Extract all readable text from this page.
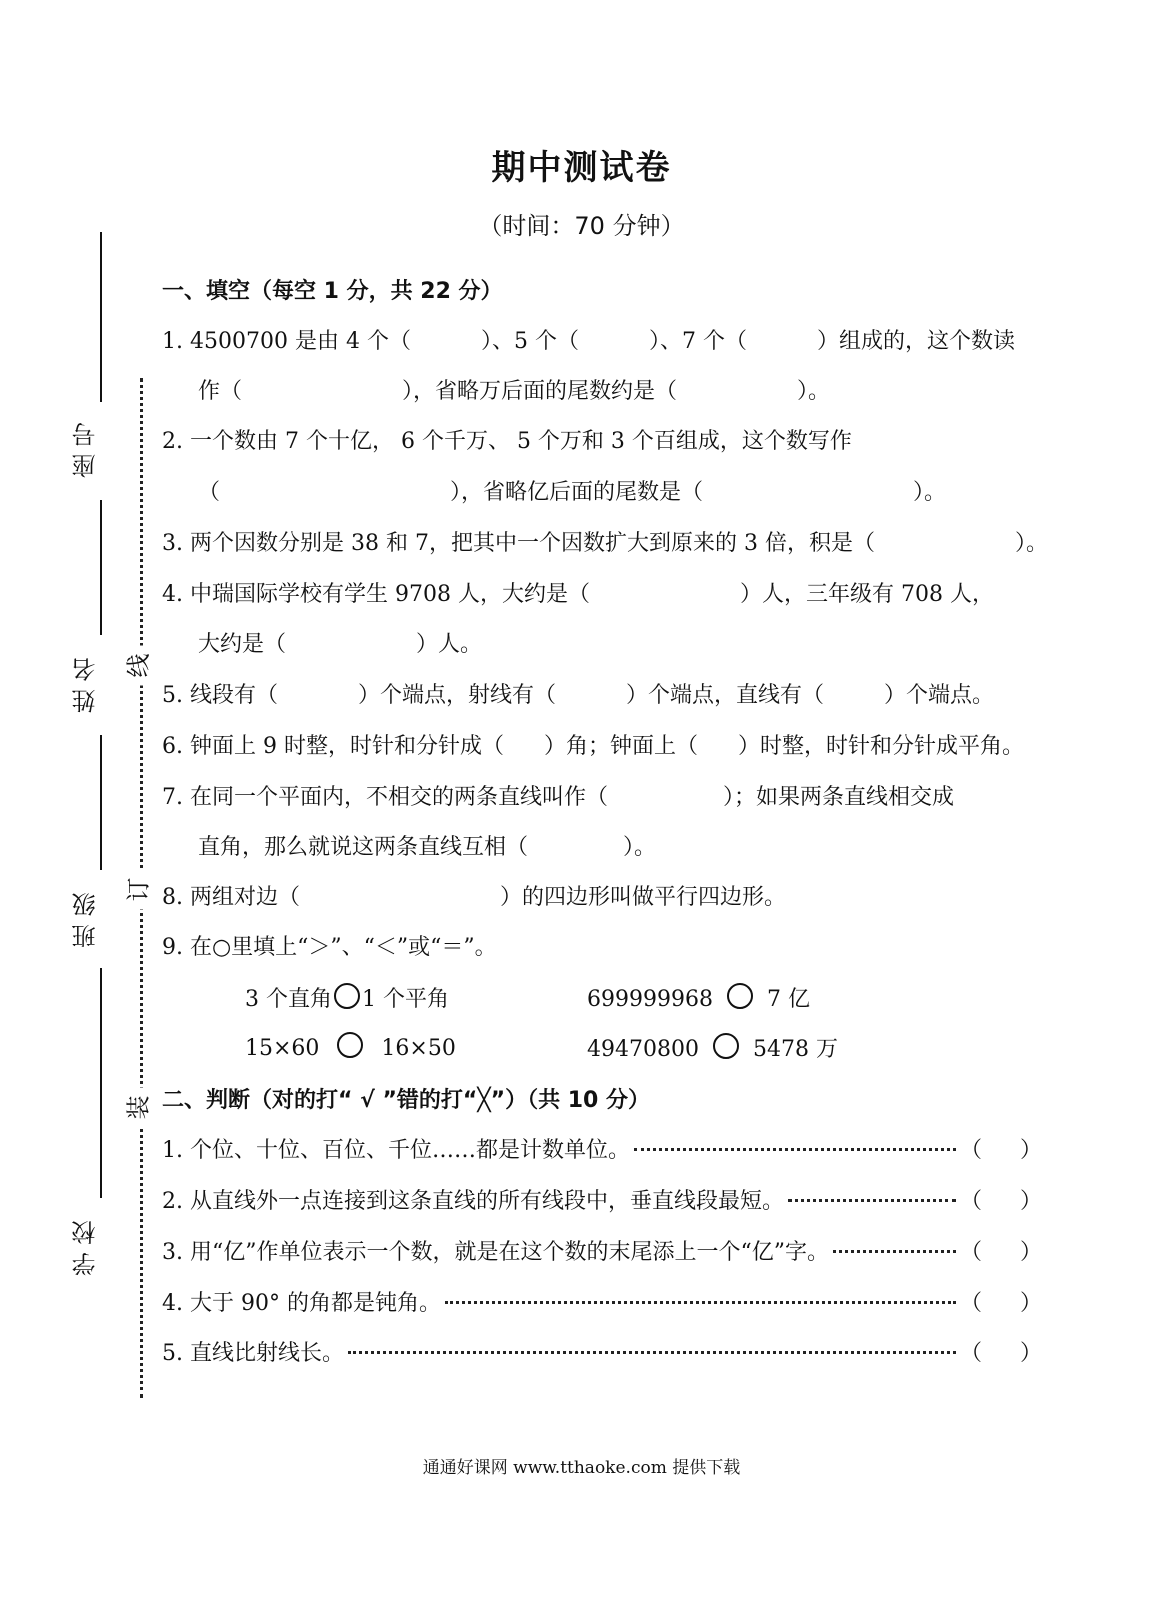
期中测试卷
（时间：70 分钟）
座 号
姓 名
班 级
学 校
线
订
装
一、填空（每空 1 分，共 22 分）
1. 4500700 是由 4 个（	）、5 个（	）、7 个（	）组成的，这个数读
作（	），省略万后面的尾数约是（	）。
2. 一个数由 7 个十亿， 6 个千万、 5 个万和 3 个百组成，这个数写作
（	），省略亿后面的尾数是（	）。
3. 两个因数分别是 38 和 7，把其中一个因数扩大到原来的 3 倍，积是（	）。
4. 中瑞国际学校有学生 9708 人，大约是（	）人，三年级有 708 人，
大约是（	）人。
5. 线段有（	）个端点，射线有（	）个端点，直线有（	）个端点。
6. 钟面上 9 时整，时针和分针成（ ）角；钟面上（ ）时整，时针和分针成平角。
7. 在同一个平面内，不相交的两条直线叫作（	）；如果两条直线相交成
直角，那么就说这两条直线互相（	）。
8. 两组对边（	）的四边形叫做平行四边形。
9. 在○里填上“＞”、“＜”或“＝”。
3 个直角 1 个平角	699999968 7 亿
15×60	16×50	49470800 5478 万
二、判断（对的打“ √ ”错的打“╳”）（共 10 分）
1. 个位、十位、百位、千位……都是计数单位。	（ ）
2. 从直线外一点连接到这条直线的所有线段中，垂直线段最短。	（ ）
3. 用“亿”作单位表示一个数，就是在这个数的末尾添上一个“亿”字。	（ ）
4. 大于 90° 的角都是钝角。	（ ）
5. 直线比射线长。	（ ）
通通好课网 www.tthaoke.com 提供下载
